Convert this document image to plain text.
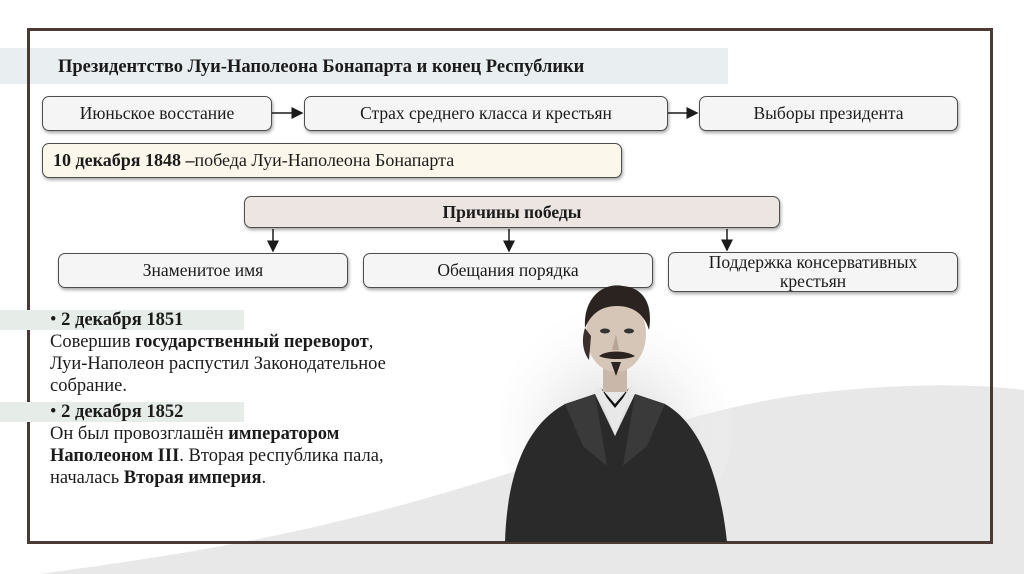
Президентство Луи-Наполеона Бонапарта и конец Республики
Июньское восстание	Страх среднего класса и крестьян	Выборы президента
10 декабря 1848 – победа Луи-Наполеона Бонапарта
Причины победы
Знаменитое имя	Обещания порядка	Поддержка консервативных крестьян
• 2 декабря 1851
Совершив государственный переворот,
Луи-Наполеон распустил Законодательное
собрание.
• 2 декабря 1852
Он был провозглашён императором
Наполеоном III. Вторая республика пала,
началась Вторая империя.
